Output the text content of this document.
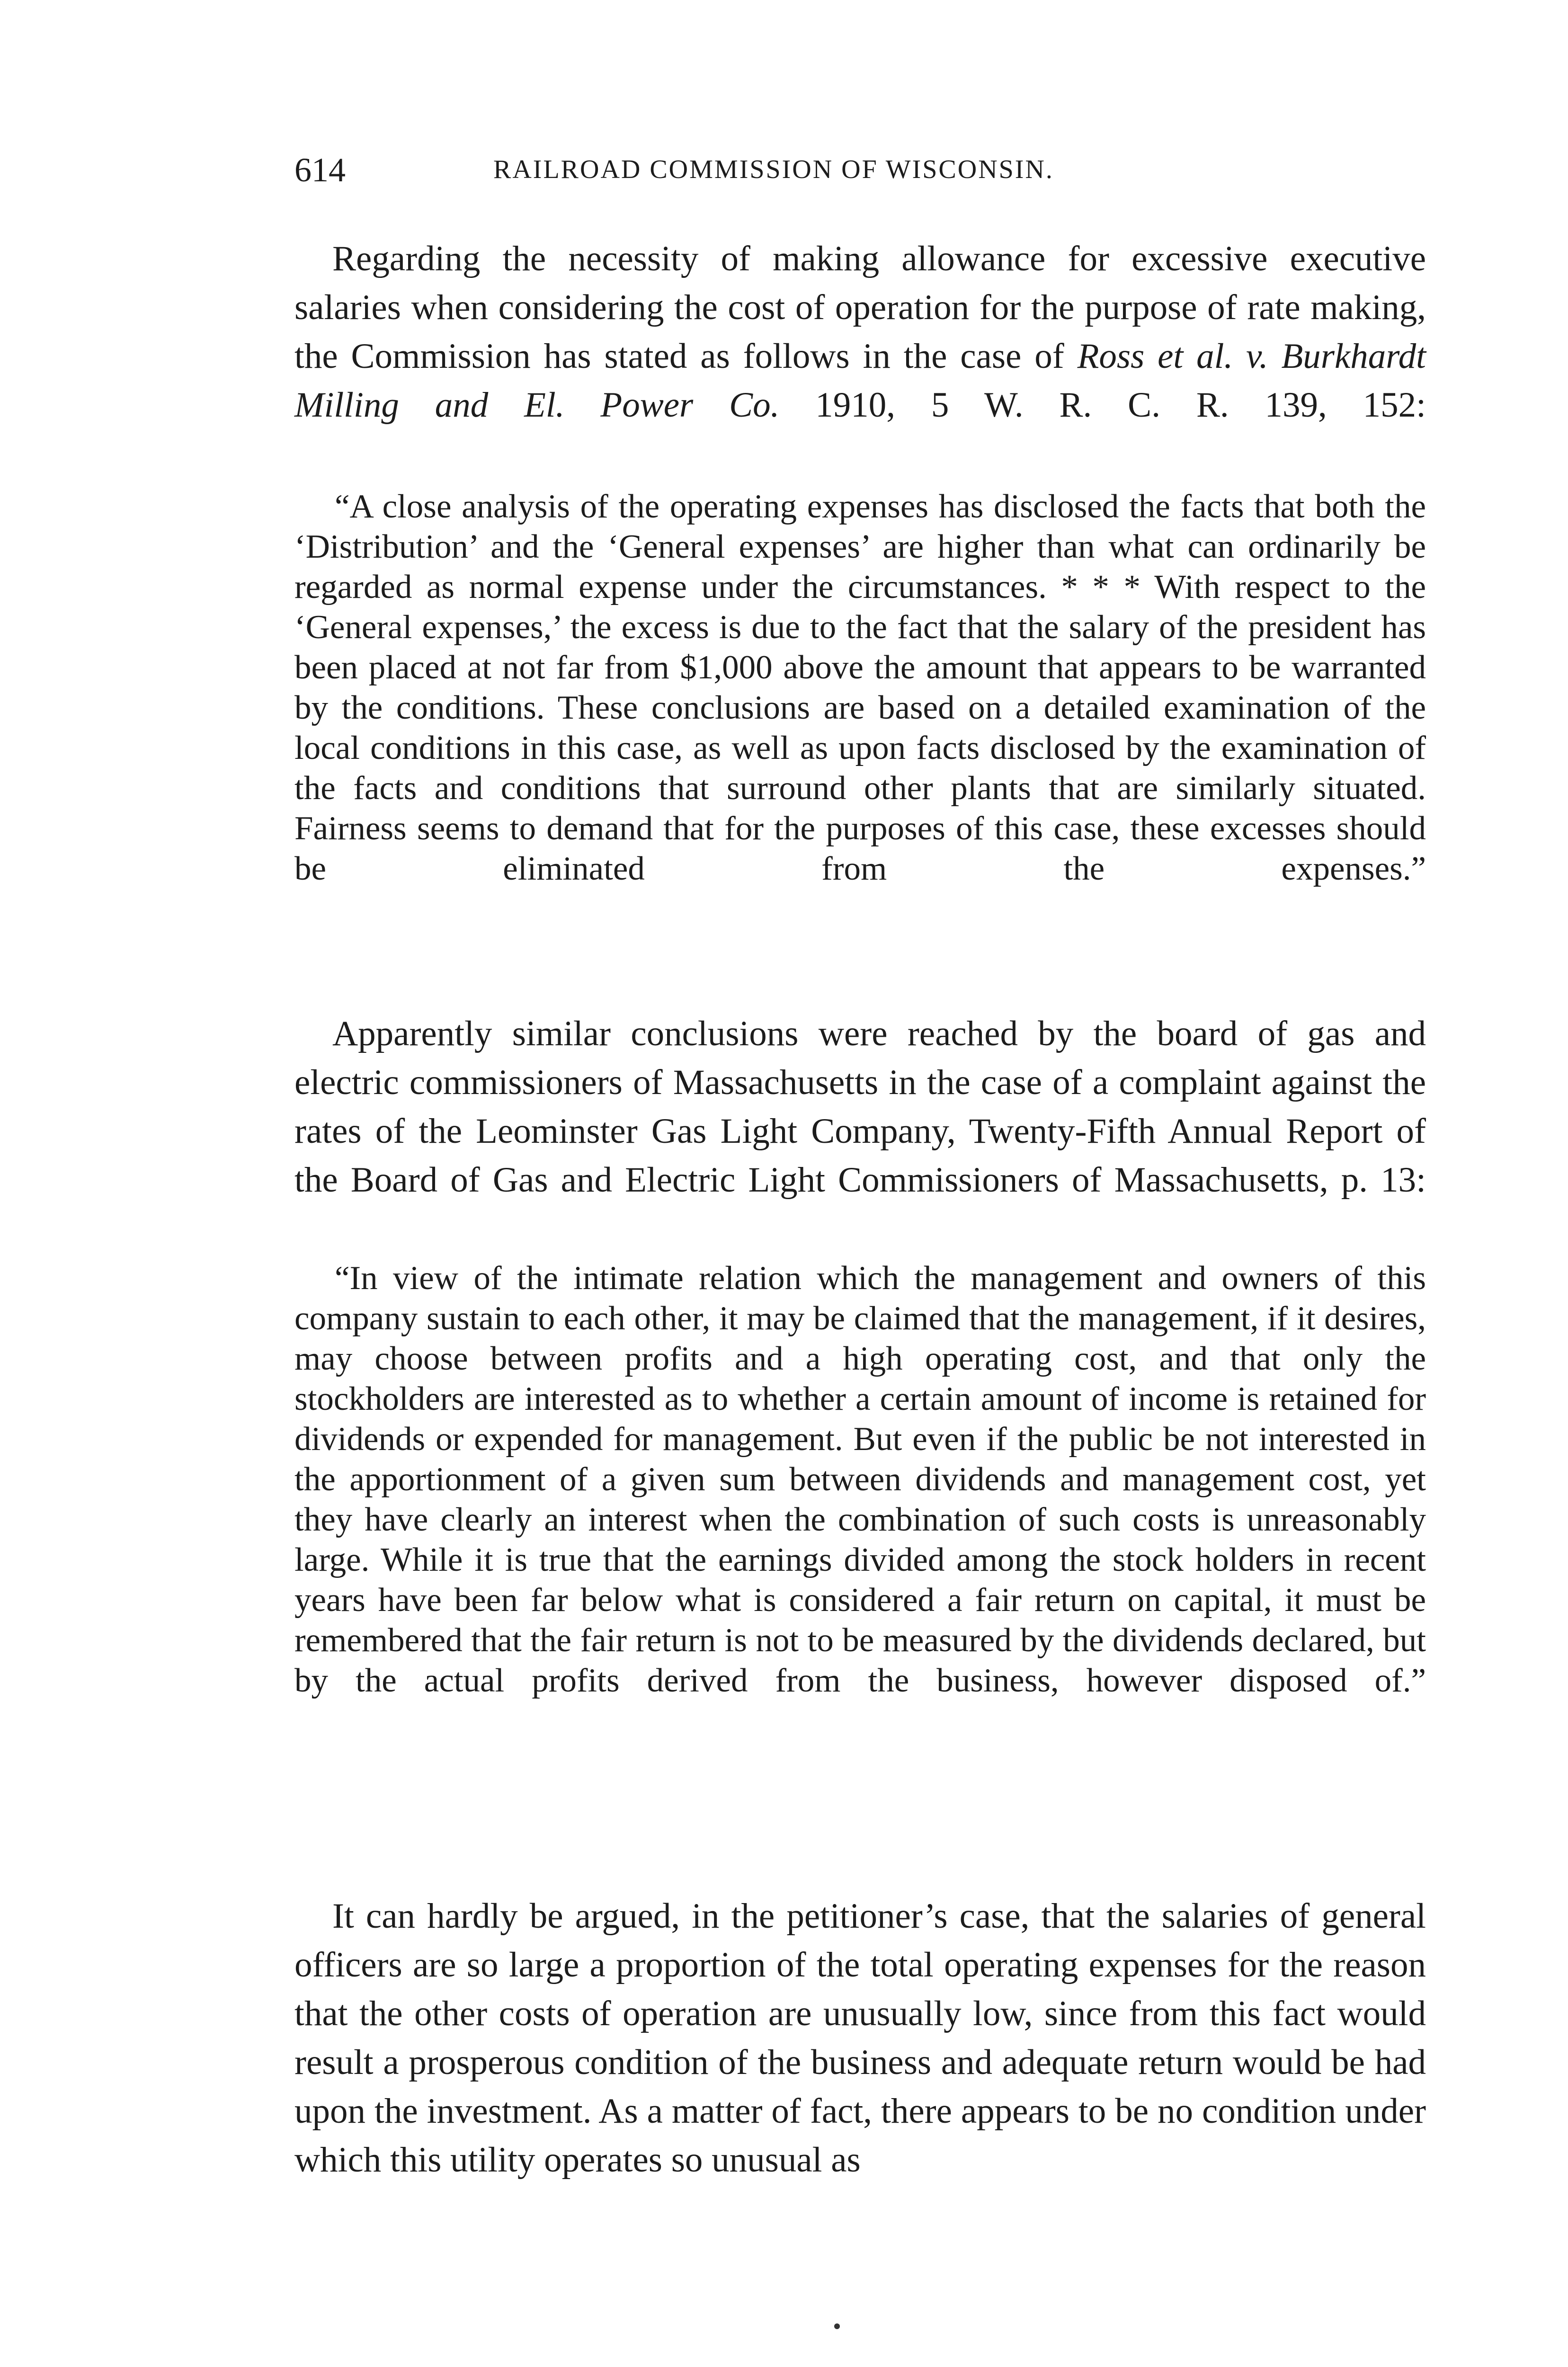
614	RAILROAD COMMISSION OF WISCONSIN.

Regarding the necessity of making allowance for excessive executive salaries when considering the cost of operation for the purpose of rate making, the Commission has stated as follows in the case of Ross et al. v. Burkhardt Milling and El. Power Co. 1910, 5 W. R. C. R. 139, 152:

“A close analysis of the operating expenses has disclosed the facts that both the ‘Distribution’ and the ‘General expenses’ are higher than what can ordinarily be regarded as normal expense under the circumstances. * * * With respect to the ‘General expenses,’ the excess is due to the fact that the salary of the president has been placed at not far from $1,000 above the amount that appears to be warranted by the conditions. These conclusions are based on a detailed examination of the local conditions in this case, as well as upon facts disclosed by the examination of the facts and conditions that surround other plants that are similarly situated. Fairness seems to demand that for the purposes of this case, these excesses should be eliminated from the expenses.”

Apparently similar conclusions were reached by the board of gas and electric commissioners of Massachusetts in the case of a complaint against the rates of the Leominster Gas Light Company, Twenty-Fifth Annual Report of the Board of Gas and Electric Light Commissioners of Massachusetts, p. 13:

“In view of the intimate relation which the management and owners of this company sustain to each other, it may be claimed that the management, if it desires, may choose between profits and a high operating cost, and that only the stockholders are interested as to whether a certain amount of income is retained for dividends or expended for management. But even if the public be not interested in the apportionment of a given sum between dividends and management cost, yet they have clearly an interest when the combination of such costs is unreasonably large. While it is true that the earnings divided among the stock holders in recent years have been far below what is considered a fair return on capital, it must be remembered that the fair return is not to be measured by the dividends declared, but by the actual profits derived from the business, however disposed of.”

It can hardly be argued, in the petitioner’s case, that the salaries of general officers are so large a proportion of the total operating expenses for the reason that the other costs of operation are unusually low, since from this fact would result a prosperous condition of the business and adequate return would be had upon the investment. As a matter of fact, there appears to be no condition under which this utility operates so unusual as
